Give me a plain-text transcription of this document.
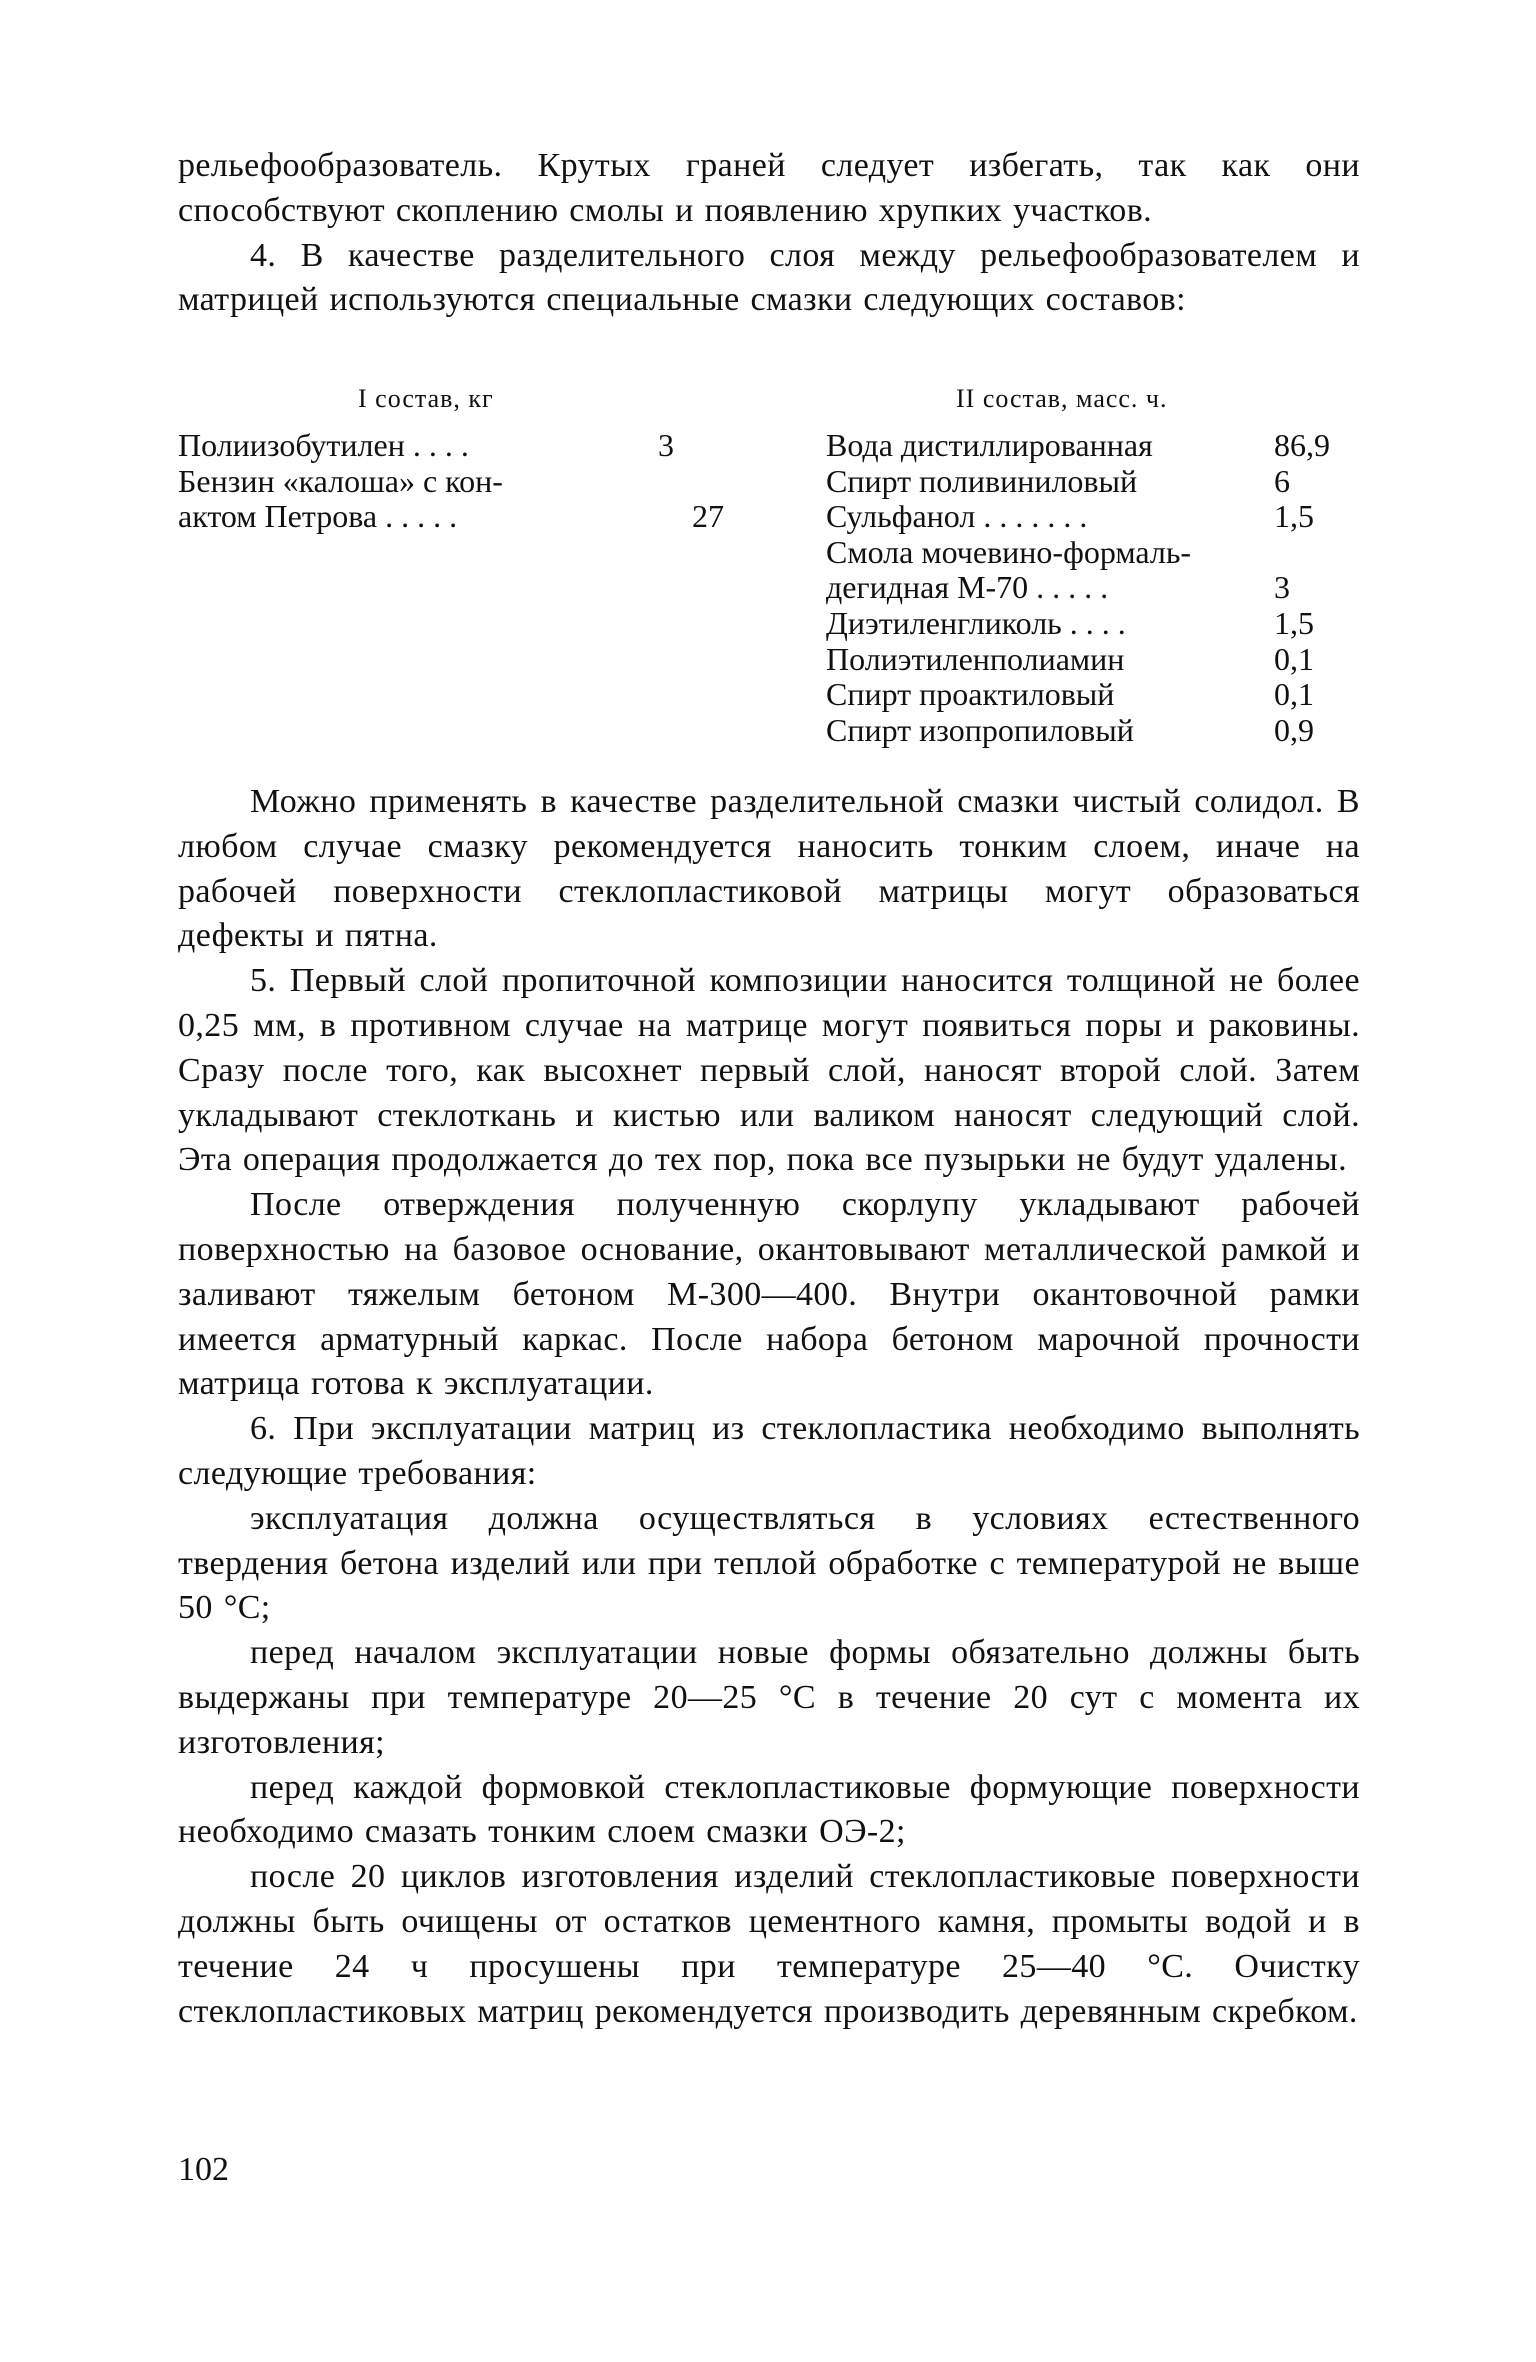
рельефообразователь. Крутых граней следует избегать, так как они способствуют скоплению смолы и появлению хрупких участков.

4. В качестве разделительного слоя между рельефообразователем и матрицей используются специальные смазки следующих составов:

I состав, кг
Полиизобутилен . . . .	3
Бензин «калоша» с кон-
актом Петрова . . . . .	27
II состав, масс. ч.
Вода дистиллированная	86,9
Спирт поливиниловый	6
Сульфанол . . . . . . .	1,5
Смола мочевино-формаль-
дегидная М-70 . . . . .	3
Диэтиленгликоль . . . .	1,5
Полиэтиленполиамин	0,1
Спирт проактиловый	0,1
Спирт изопропиловый	0,9

Можно применять в качестве разделительной смазки чистый солидол. В любом случае смазку рекомендуется наносить тонким слоем, иначе на рабочей поверхности стеклопластиковой матрицы могут образоваться дефекты и пятна.

5. Первый слой пропиточной композиции наносится толщиной не более 0,25 мм, в противном случае на матрице могут появиться поры и раковины. Сразу после того, как высохнет первый слой, наносят второй слой. Затем укладывают стеклоткань и кистью или валиком наносят следующий слой. Эта операция продолжается до тех пор, пока все пузырьки не будут удалены.

После отверждения полученную скорлупу укладывают рабочей поверхностью на базовое основание, окантовывают металлической рамкой и заливают тяжелым бетоном М-300—400. Внутри окантовочной рамки имеется арматурный каркас. После набора бетоном марочной прочности матрица готова к эксплуатации.

6. При эксплуатации матриц из стеклопластика необходимо выполнять следующие требования:

эксплуатация должна осуществляться в условиях естественного твердения бетона изделий или при теплой обработке с температурой не выше 50 °С;

перед началом эксплуатации новые формы обязательно должны быть выдержаны при температуре 20—25 °С в течение 20 сут с момента их изготовления;

перед каждой формовкой стеклопластиковые формующие поверхности необходимо смазать тонким слоем смазки ОЭ-2;

после 20 циклов изготовления изделий стеклопластиковые поверхности должны быть очищены от остатков цементного камня, промыты водой и в течение 24 ч просушены при температуре 25—40 °С. Очистку стеклопластиковых матриц рекомендуется производить деревянным скребком.

102
